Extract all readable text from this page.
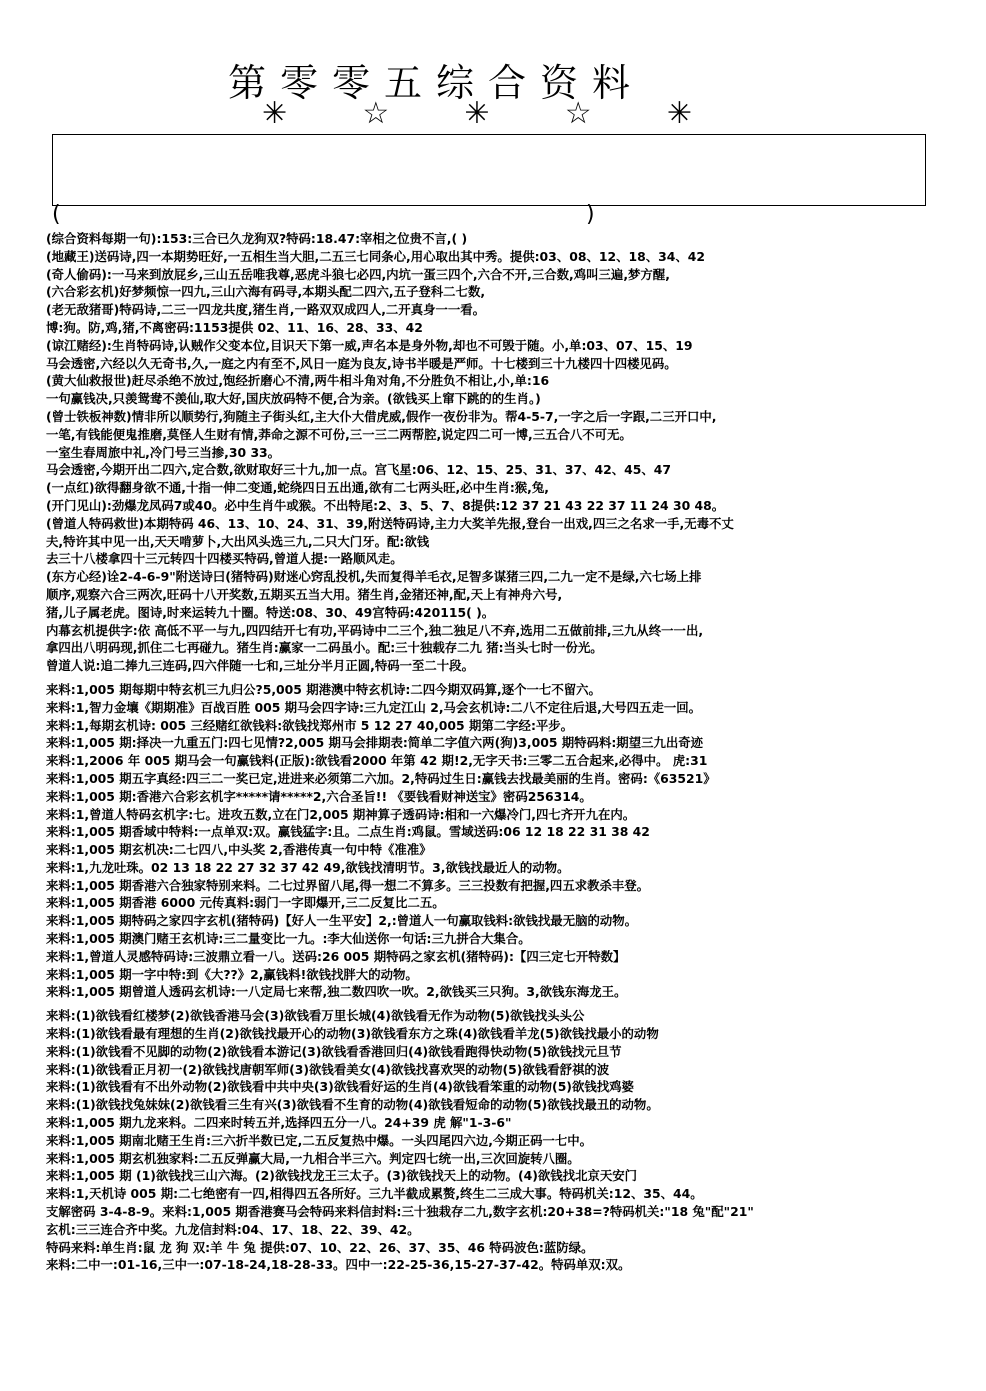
第零零五综合资料
✳	☆	✳	☆	✳
(	)
(综合资料每期一句):153:三合已久龙狗双?特码:18.47:宰相之位贵不言,( )
(地藏王)送码诗,四一本期势旺好,一五相生当大胆,二五三七同条心,用心取出其中秀。提供:03、08、12、18、34、42
(奇人偷码):一马来到放屁乡,三山五岳唯我尊,恶虎斗狼七必四,内坑一蛋三四个,六合不开,三合数,鸡叫三遍,梦方醒,
(六合彩玄机)好梦频惊一四九,三山六海有码寻,本期头配二四六,五子登科二七数,
(老无敌猪哥)特码诗,二三一四龙共度,猪生肖,一路双双成四人,二开真身一一看。
博:狗。防,鸡,猪,不离密码:1153提供 02、11、16、28、33、42
(谅江赌经):生肖特码诗,认贼作父变本位,目识天下第一威,声名本是身外物,却也不可毁于随。小,单:03、07、15、19
马会透密,六经以久无奇书,久,一庭之内有至不,风日一庭为良友,诗书半暖是严师。十七楼到三十九楼四十四楼见码。
(黄大仙救报世)赶尽杀绝不放过,饱经折磨心不清,两牛相斗角对角,不分胜负不相让,小,单:16
一句赢钱决,只羡鸳鸯不羡仙,取大好,国庆放码特不便,合为亲。(欲钱买上窜下跳的的生肖。)
(曾士铁板神数)情非所以顺势行,狗随主子街头红,主大仆大借虎威,假作一夜份非为。帮4-5-7,一字之后一字跟,二三开口中,
一笔,有钱能便鬼推磨,莫怪人生财有情,莽命之源不可份,三一三二两帮腔,说定四二可一博,三五合八不可无。
一室生春周旅中礼,冷门号三当掺,30 33。
马会透密,今期开出二四六,定合数,欲财取好三十九,加一点。宫飞星:06、12、15、25、31、37、42、45、47
(一点红)欲得翻身欲不通,十指一伸二变通,蛇绕四日五出通,欲有二七两头旺,必中生肖:猴,兔,
(开门见山):劲爆龙凤码7或40。必中生肖牛或猴。不出特尾:2、3、5、7、8提供:12 37 21 43 22 37 11 24 30 48。
(曾道人特码救世)本期特码 46、13、10、24、31、39,附送特码诗,主力大奖羊先报,登台一出戏,四三之名求一手,无毒不丈
夫,特许其中见一出,天天啃萝卜,大出风头选三九,二只大门牙。配:欲钱
去三十八楼拿四十三元转四十四楼买特码,曾道人提:一路顺风走。
(东方心经)诠2-4-6-9"附送诗曰(猪特码)财迷心窍乱投机,失而复得羊毛衣,足智多谋猪三四,二九一定不是绿,六七场上排
顺序,观察六合三两次,旺码十八开奖数,五期买五当大用。猪生肖,金猪还神,配,天上有神舟六号,
猪,儿子属老虎。图诗,时来运转九十圈。特送:08、30、49宫特码:420115( )。
内幕玄机提供字:依 高低不平一与九,四四结开七有功,平码诗中二三个,独二独足八不弃,选用二五做前排,三九从终一一出,
拿四出八明码现,抓住二七再碰九。猪生肖:赢家一二码虽小。配:三十独载存二九 猪:当头七时一份光。
曾道人说:追二捧九三连码,四六伴随一七和,三址分半月正圆,特码一至二十段。
来料:1,005 期每期中特玄机三九归公?5,005 期港澳中特玄机诗:二四今期双码算,逐个一七不留六。
来料:1,智力金壤《期期准》百战百胜 005 期马会四字诗:三九定江山 2,马会玄机诗:二八不定往后退,大号四五走一回。
来料:1,每期玄机诗: 005 三经赌红欲钱料:欲钱找郑州市 5 12 27 40,005 期第二字经:平步。
来料:1,005 期:择决一九重五门:四七见情?2,005 期马会排期表:简单二字值六两(狗)3,005 期特码料:期望三九出奇迹
来料:1,2006 年 005 期马会一句赢钱料(正版):欲钱看2000 年第 42 期!2,无字天书:三零二五合起来,必得中。 虎:31
来料:1,005 期五字真经:四三二一奖已定,进进来必须第二六加。2,特码过生日:赢钱去找最美丽的生肖。密码:《63521》
来料:1,005 期:香港六合彩玄机字*****请*****2,六合圣旨!! 《要钱看财神送宝》密码256314。
来料:1,曾道人特码玄机字:七。进攻五数,立在门2,005 期神算子透码诗:相和一六爆冷门,四七齐开九在内。
来料:1,005 期香域中特料:一点单双:双。赢钱猛字:且。二点生肖:鸡鼠。雪域送码:06 12 18 22 31 38 42
来料:1,005 期玄机决:二七四八,中头奖 2,香港传真一句中特《准准》
来料:1,九龙吐珠。02 13 18 22 27 32 37 42 49,欲钱找清明节。3,欲钱找最近人的动物。
来料:1,005 期香港六合独家特别来料。二七过界留八尾,得一想二不算多。三三投数有把握,四五求教杀丰登。
来料:1,005 期香港 6000 元传真料:弱门一字即爆开,三二反复比二五。
来料:1,005 期特码之家四字玄机(猪特码)【好人一生平安】2,:曾道人一句赢取钱料:欲钱找最无脑的动物。
来料:1,005 期澳门赌王玄机诗:三二量变比一九。:李大仙送你一句话:三九拼合大集合。
来料:1,曾道人灵感特码诗:三波鼎立看一八。送码:26 005 期特码之家玄机(猪特码):【四三定七开特数】
来料:1,005 期一字中特:到《大??》2,赢钱料!欲钱找胖大的动物。
来料:1,005 期曾道人透码玄机诗:一八定局七来帮,独二数四吹一吹。2,欲钱买三只狗。3,欲钱东海龙王。
来料:(1)欲钱看红楼梦(2)欲钱香港马会(3)欲钱看万里长城(4)欲钱看无作为动物(5)欲钱找头头公
来料:(1)欲钱看最有理想的生肖(2)欲钱找最开心的动物(3)欲钱看东方之珠(4)欲钱看羊龙(5)欲钱找最小的动物
来料:(1)欲钱看不见脚的动物(2)欲钱看本游记(3)欲钱看香港回归(4)欲钱看跑得快动物(5)欲钱找元旦节
来料:(1)欲钱看正月初一(2)欲钱找唐朝军师(3)欲钱看美女(4)欲钱找喜欢哭的动物(5)欲钱看舒祺的波
来料:(1)欲钱看有不出外动物(2)欲钱看中共中央(3)欲钱看好运的生肖(4)欲钱看笨重的动物(5)欲钱找鸡婆
来料:(1)欲钱找兔妹妹(2)欲钱看三生有兴(3)欲钱看不生育的动物(4)欲钱看短命的动物(5)欲钱找最丑的动物。
来料:1,005 期九龙来料。二四来时转五并,选择四五分一八。24+39 虎 解"1-3-6"
来料:1,005 期南北赌王生肖:三六折半数已定,二五反复热中爆。一头四尾四六边,今期正码一七中。
来料:1,005 期玄机独家料:二五反弹赢大局,一九相合半三六。判定四七统一出,三次回旋转八圈。
来料:1,005 期 (1)欲钱找三山六海。(2)欲钱找龙王三太子。(3)欲钱找天上的动物。(4)欲钱找北京天安门
来料:1,天机诗 005 期:二七绝密有一四,相得四五各所好。三九半截成累赘,终生二三成大事。特码机关:12、35、44。
支解密码 3-4-8-9。来料:1,005 期香港赛马会特码来料信封料:三十独栽存二九,数字玄机:20+38=?特码机关:"18 兔"配"21"
玄机:三三连合齐中奖。九龙信封料:04、17、18、22、39、42。
特码来料:单生肖:鼠 龙 狗 双:羊 牛 兔 提供:07、10、22、26、37、35、46 特码波色:蓝防绿。
来料:二中一:01-16,三中一:07-18-24,18-28-33。四中一:22-25-36,15-27-37-42。特码单双:双。
